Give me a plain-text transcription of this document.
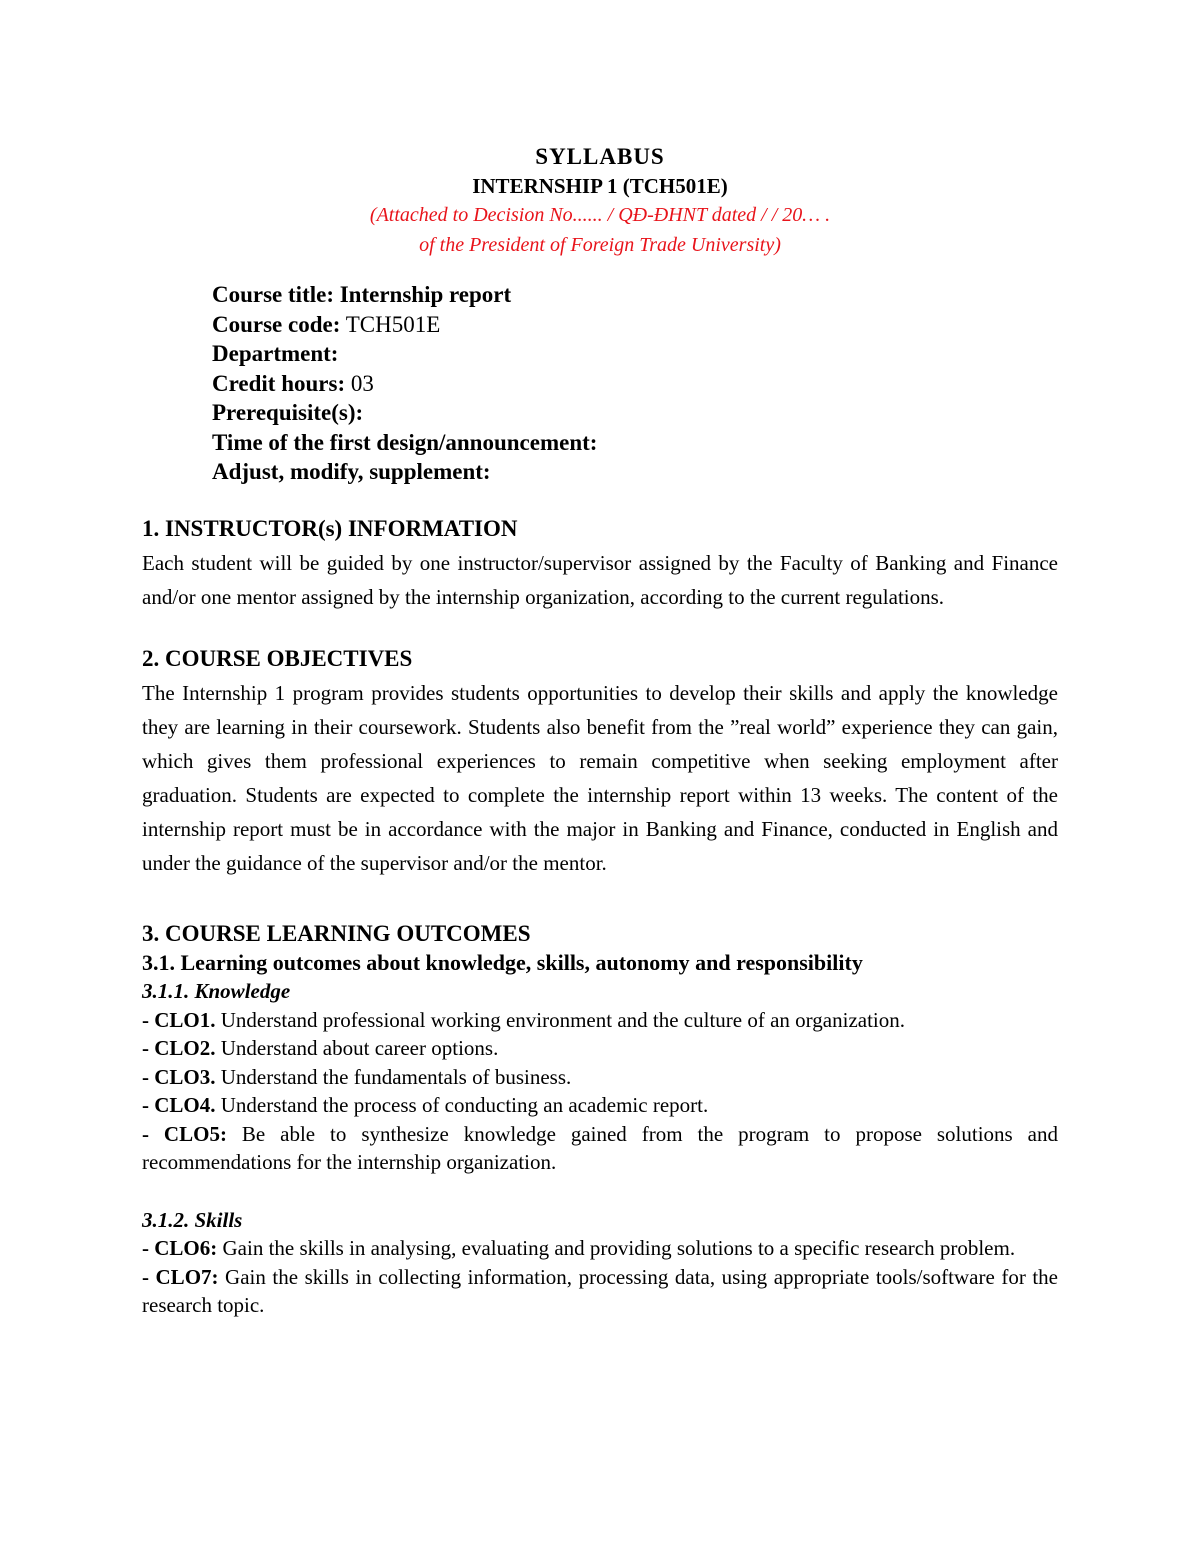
SYLLABUS
INTERNSHIP 1 (TCH501E)
(Attached to Decision No...... / QĐ-ĐHNT dated / / 20… .
of the President of Foreign Trade University)
Course title: Internship report
Course code: TCH501E
Department:
Credit hours: 03
Prerequisite(s):
Time of the first design/announcement:
Adjust, modify, supplement:
1. INSTRUCTOR(s) INFORMATION
Each student will be guided by one instructor/supervisor assigned by the Faculty of Banking and Finance and/or one mentor assigned by the internship organization, according to the current regulations.
2. COURSE OBJECTIVES
The Internship 1 program provides students opportunities to develop their skills and apply the knowledge they are learning in their coursework. Students also benefit from the ”real world” experience they can gain, which gives them professional experiences to remain competitive when seeking employment after graduation. Students are expected to complete the internship report within 13 weeks. The content of the internship report must be in accordance with the major in Banking and Finance, conducted in English and under the guidance of the supervisor and/or the mentor.
3. COURSE LEARNING OUTCOMES
3.1. Learning outcomes about knowledge, skills, autonomy and responsibility
3.1.1. Knowledge

- CLO1. Understand professional working environment and the culture of an organization.

- CLO2. Understand about career options.

- CLO3. Understand the fundamentals of business.

- CLO4. Understand the process of conducting an academic report.

- CLO5: Be able to synthesize knowledge gained from the program to propose solutions and recommendations for the internship organization.

3.1.2. Skills

- CLO6: Gain the skills in analysing, evaluating and providing solutions to a specific research problem.

- CLO7: Gain the skills in collecting information, processing data, using appropriate tools/software for the research topic.
